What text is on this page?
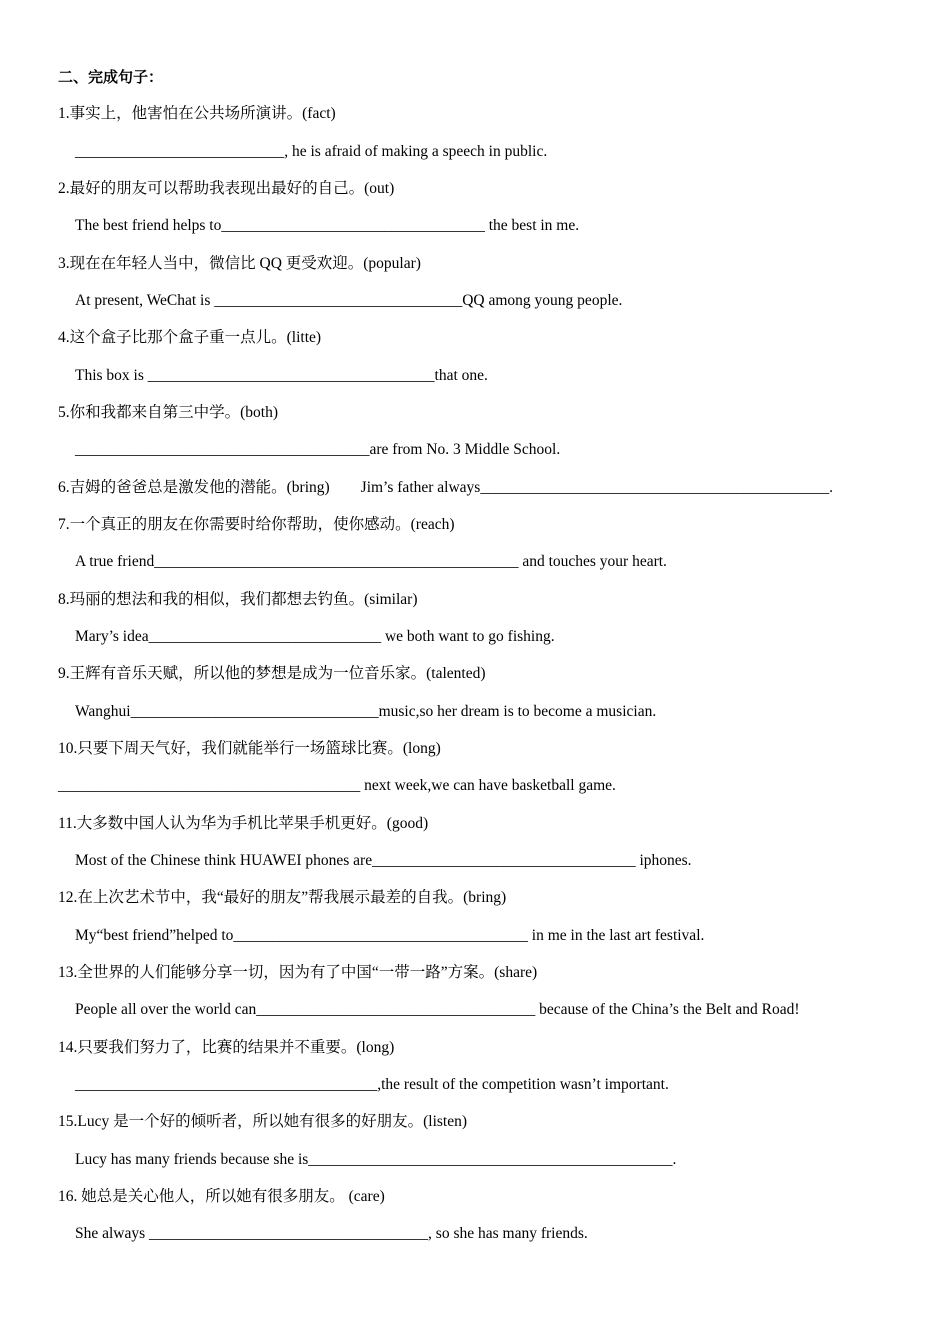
二、完成句子：
1.事实上，他害怕在公共场所演讲。(fact)
___________________________, he is afraid of making a speech in public.
2.最好的朋友可以帮助我表现出最好的自己。(out)
The best friend helps to__________________________________ the best in me.
3.现在在年轻人当中，微信比 QQ 更受欢迎。(popular)
At present, WeChat is ________________________________QQ among young people.
4.这个盒子比那个盒子重一点儿。(litte)
This box is _____________________________________that one.
5.你和我都来自第三中学。(both)
______________________________________are from No. 3 Middle School.
6.吉姆的爸爸总是激发他的潜能。(bring)　　Jim’s father always_____________________________________________.
7.一个真正的朋友在你需要时给你帮助，使你感动。(reach)
A true friend_______________________________________________ and touches your heart.
8.玛丽的想法和我的相似，我们都想去钓鱼。(similar)
Mary’s idea______________________________ we both want to go fishing.
9.王辉有音乐天赋，所以他的梦想是成为一位音乐家。(talented)
Wanghui________________________________music,so her dream is to become a musician.
10.只要下周天气好，我们就能举行一场篮球比赛。(long)
_______________________________________ next week,we can have basketball game.
11.大多数中国人认为华为手机比苹果手机更好。(good)
Most of the Chinese think HUAWEI phones are__________________________________ iphones.
12.在上次艺术节中，我“最好的朋友”帮我展示最差的自我。(bring)
My“best friend”helped to______________________________________ in me in the last art festival.
13.全世界的人们能够分享一切，因为有了中国“一带一路”方案。(share)
People all over the world can____________________________________ because of the China’s the Belt and Road!
14.只要我们努力了，比赛的结果并不重要。(long)
_______________________________________,the result of the competition wasn’t important.
15.Lucy 是一个好的倾听者，所以她有很多的好朋友。(listen)
Lucy has many friends because she is_______________________________________________.
16. 她总是关心他人，所以她有很多朋友。 (care)
She always ____________________________________, so she has many friends.
